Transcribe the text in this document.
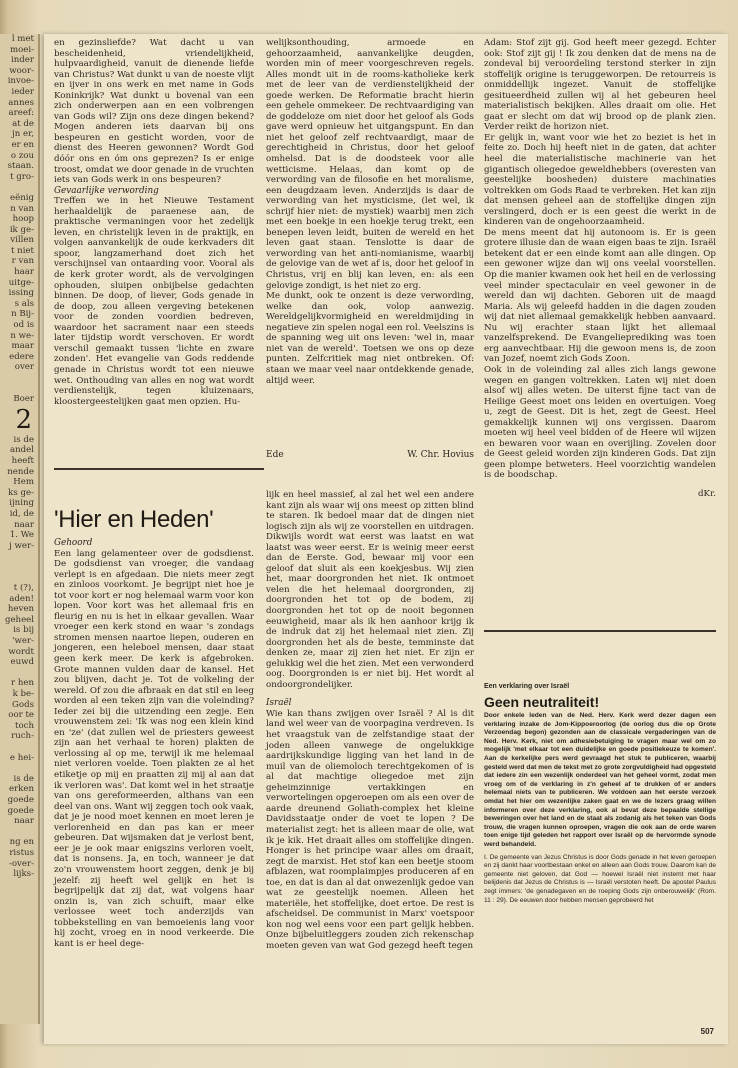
l met
moei-
inder
woor-
invoe-
ieder
annes
areef:
at de
jn er,
er en
o zou
staan.
t gro-

eënig
n van
hoop
ik ge-
villen
t niet
r van
haar
uitge-
issing
s als
n Bij-
od is
n we-
maar
edere
over

Boer
2
is de
andel
heeft
nende
Hem
ks ge-
ijning
id, de
naar
1. We
j wer-

t (?),
aden!
heven
geheel
is bij
'wer-
wordt
euwd

r hen
k be-
Gods
oor te
toch
ruch-

e hei-

is de
erken
goede
goede
naar

ng en
ristus
-over-
lijks-

en gezinsliefde? Wat dacht u van bescheidenheid, vriendelijkheid, hulpvaardigheid, vanuit de dienende liefde van Christus? Wat dunkt u van de noeste vlijt en ijver in ons werk en met name in Gods Koninkrijk? Wat dunkt u bovenal van een zich onderwerpen aan en een volbrengen van Gods wil? Zijn ons deze dingen bekend? Mogen anderen iets daarvan bij ons bespeuren en gesticht worden, voor de dienst des Heeren gewonnen? Wordt God dóór ons en óm ons geprezen? Is er enige troost, omdat we door genade in de vruchten iets van Gods werk in ons bespeuren?

Gevaarlijke verwording

Treffen we in het Nieuwe Testament herhaaldelijk de paraenese aan, de praktische vermaningen voor het zedelijk leven, en christelijk leven in de praktijk, en volgen aanvankelijk de oude kerkvaders dit spoor, langzamerhand doet zich het verschijnsel van ontaarding voor. Vooral als de kerk groter wordt, als de vervolgingen ophouden, sluipen onbijbelse gedachten binnen. De doop, of liever, Gods genade in de doop, zou alleen vergeving betekenen voor de zonden voordien bedreven, waardoor het sacrament naar een steeds later tijdstip wordt verschoven. Er wordt verschil gemaakt tussen 'lichte en zware zonden'. Het evangelie van Gods reddende genade in Christus wordt tot een nieuwe wet. Onthouding van alles en nog wat wordt verdienstelijk, tegen kluizenaars, kloostergeestelijken gaat men opzien. Hu-

welijksonthouding, armoede en gehoorzaamheid, aanvankelijke deugden, worden min of meer voorgeschreven regels. Alles mondt uit in de rooms-katholieke kerk met de leer van de verdienstelijkheid der goede werken. De Reformatie bracht hierin een gehele ommekeer. De rechtvaardiging van de goddeloze om niet door het geloof als Gods gave werd opnieuw het uitgangspunt. En dan niet het geloof zelf rechtvaardigt, maar de gerechtigheid in Christus, door het geloof omhelsd. Dat is de doodsteek voor alle wetticisme. Helaas, dan komt op de verwording van de filosofie en het moralisme, een deugdzaam leven. Anderzijds is daar de verwording van het mysticisme, (let wel, ik schrijf hier niet: de mystiek) waarbij men zich met een boekje in een hoekje terug trekt, een benepen leven leidt, buiten de wereld en het leven gaat staan. Tenslotte is daar de verwording van het anti-nomianisme, waarbij de gelovige van de wet af is, door het geloof in Christus, vrij en blij kan leven, en: als een gelovige zondigt, is het niet zo erg.

Me dunkt, ook te onzent is deze verwording, welke dan ook, volop aanwezig. Wereldgelijkvormigheid en wereldmijding in negatieve zin spelen nogal een rol. Veelszins is de spanning weg uit ons leven: 'wel in, maar niet van de wereld'. Toetsen we ons op deze punten. Zelfcritiek mag niet ontbreken. Of: staan we maar veel naar ontdekkende genade, altijd weer.

Ede	W. Chr. Hovius
'Hier en Heden'

Gehoord

Een lang gelamenteer over de godsdienst. De godsdienst van vroeger, die vandaag verlept is en afgedaan. Die niets meer zegt en zinloos voorkomt. Je begrijpt niet hoe je tot voor kort er nog helemaal warm voor kon lopen. Voor kort was het allemaal fris en fleurig en nu is het in elkaar gevallen. Waar vroeger een kerk stond en waar 's zondags stromen mensen naartoe liepen, ouderen en jongeren, een heleboel mensen, daar staat geen kerk meer. De kerk is afgebroken. Grote mannen vulden daar de kansel. Het zou blijven, dacht je. Tot de volkeling der wereld. Of zou die afbraak en dat stil en leeg worden al een teken zijn van die voleinding? Ieder zei bij die uitzending een zegje. Een vrouwenstem zei: 'Ik was nog een klein kind en 'ze' (dat zullen wel de priesters geweest zijn aan het verhaal te horen) plakten de verlossing al op me, terwijl ik me helemaal niet verloren voelde. Toen plakten ze al het etiketje op mij en praatten zij mij al aan dat ik verloren was'. Dat komt wel in het straatje van ons gereformeerden, althans van een deel van ons. Want wij zeggen toch ook vaak, dat je je nood moet kennen en moet leren je verlorenheid en dan pas kan er meer gebeuren. Dat wijsmaken dat je verlost bent, eer je je ook maar enigszins verloren voelt, dat is nonsens. Ja, en toch, wanneer je dat zo'n vrouwenstem hoort zeggen, denk je bij jezelf: zij heeft wel gelijk en het is begrijpelijk dat zij dat, wat volgens haar onzin is, van zich schuift, maar elke verlossee weet toch anderzijds van tobbekstelling en van bemoeienis lang voor hij zocht, vroeg en in nood verkeerde. Die kant is er heel dege-

lijk en heel massief, al zal het wel een andere kant zijn als waar wij ons meest op zitten blind te staren. Ik bedoel maar dat de dingen niet logisch zijn als wij ze voorstellen en uitdragen. Dikwijls wordt wat eerst was laatst en wat laatst was weer eerst. Er is weinig meer eerst dan de Eerste. God, bewaar mij voor een geloof dat sluit als een koekjesbus. Wij zien het, maar doorgronden het niet. Ik ontmoet velen die het helemaal doorgronden, zij doorgronden het tot op de bodem, zij doorgronden het tot op de nooit begonnen eeuwigheid, maar als ik hen aanhoor krijg ik de indruk dat zij het helemaal niet zien. Zij doorgronden het als de beste, temminste dat denken ze, maar zij zien het niet. Er zijn er gelukkig wel die het zien. Met een verwonderd oog. Doorgronden is er niet bij. Het wordt al ondoorgrondelijker.

Israël

Wie kan thans zwijgen over Israël ? Al is dit land wel weer van de voorpagina verdreven. Is het vraagstuk van de zelfstandige staat der joden alleen vanwege de ongelukkige aardrijkskundige ligging van het land in de muil van de oliemoloch terechtgekomen of is al dat machtige oliegedoe met zijn geheimzinnige vertakkingen en verwortelingen opgeroepen om als een over de aarde dreunend Goliath-complex het kleine Davidsstaatje onder de voet te lopen ? De materialist zegt: het is alleen maar de olie, wat ik je kik. Het draait alles om stoffelijke dingen. Honger is het principe waar alles om draait, zegt de marxist. Het stof kan een beetje stoom afblazen, wat roomplaimpjes produceren af en toe, en dat is dan al dat onwezenlijk gedoe van wat ze geestelijk noemen. Alleen het materiële, het stoffelijke, doet ertoe. De rest is afscheidsel. De communist in Marx' voetspoor kon nog wel eens voor een part gelijk hebben. Onze bijbeluitleggers zouden zich rekenschap moeten geven van wat God gezegd heeft tegen

Adam: Stof zijt gij. God heeft meer gezegd. Echter ook: Stof zijt gij ! Ik zou denken dat de mens na de zondeval bij veroordeling terstond sterker in zijn stoffelijk origine is teruggeworpen. De retourreis is onmiddellijk ingezet. Vanuit de stoffelijke gesitueerdheid zullen wij al het gebeuren heel materialistisch bekijken. Alles draait om olie. Het gaat er slecht om dat wij brood op de plank zien. Verder reikt de horizon niet.

Er gelijk in, want voor wie het zo beziet is het in feite zo. Doch hij heeft niet in de gaten, dat achter heel die materialistische machinerie van het gigantisch oliegedoe geweldhebbers (overesten van geestelijke boosheden) duistere machinaties voltrekken om Gods Raad te verbreken. Het kan zijn dat mensen geheel aan de stoffelijke dingen zijn verslingerd, doch er is een geest die werkt in de kinderen van de ongehoorzaamheid.

De mens meent dat hij autonoom is. Er is geen grotere illusie dan de waan eigen baas te zijn. Israël betekent dat er een einde komt aan alle dingen. Op een gewoner wijze dan wij ons veelal voorstellen. Op die manier kwamen ook het heil en de verlossing veel minder spectaculair en veel gewoner in de wereld dan wij dachten. Geboren uit de maagd Maria. Als wij geleefd hadden in die dagen zouden wij dat niet allemaal gemakkelijk hebben aanvaard. Nu wij erachter staan lijkt het allemaal vanzelfsprekend. De Evangelieprediking was toen erg aanvechtbaar. Hij die gewoon mens is, de zoon van Jozef, noemt zich Gods Zoon.

Ook in de voleinding zal alles zich langs gewone wegen en gangen voltrekken. Laten wij niet doen alsof wij alles weten. De uiterst fijne tact van de Heilige Geest moet ons leiden en overtuigen. Voeg u, zegt de Geest. Dit is het, zegt de Geest. Heel gemakkelijk kunnen wij ons vergissen. Daarom moeten wij heel veel bidden of de Heere wil wijzen en bewaren voor waan en overijling. Zovelen door de Geest geleid worden zijn kinderen Gods. Dat zijn geen plompe betweters. Heel voorzichtig wandelen is de boodschap.

dKr.

Een verklaring over Israël
Geen neutraliteit!
Door enkele leden van de Ned. Herv. Kerk werd dezer dagen een verklaring inzake de Jom-Kippoeroorlog (de oorlog dus die op Grote Verzoendag begon) gezonden aan de classicale vergaderingen van de Ned. Herv. Kerk, niet om adhesiebetuiging te vragen maar wel om zo mogelijk 'met elkaar tot een duidelijke en goede positiekeuze te komen'. Aan de kerkelijke pers werd gevraagd het stuk te publiceren, waarbij gesteld werd dat men de tekst met zo grote zorgvuldigheid had opgesteld dat iedere zin een wezenlijk onderdeel van het geheel vormt, zodat men vroeg om of de verklaring in z'n geheel af te drukken of er anders helemaal niets van te publiceren. We voldoen aan het eerste verzoek omdat het hier om wezenlijke zaken gaat en we de lezers graag willen informeren over deze verklaring, ook al bevat deze bepaalde stellige beweringen over het land en de staat als zodanig als het teken van Gods trouw, die vragen kunnen oproepen, vragen die ook aan de orde waren toen enige tijd geleden het rapport over Israël op de hervormde synode werd behandeld.
I. De gemeente van Jezus Christus is door Gods genade in het leven geroepen en zij dankt haar voortbestaan enkel en alleen aan Gods trouw. Daarom kan de gemeente niet geloven, dat God — hoewel Israël niet instemt met haar belijdenis dat Jezus de Christus is — Israël verstoten heeft. De apostel Paulus zegt immers: 'de genadegaven en de roeping Gods zijn onberouwelijk' (Rom. 11 : 29). De eeuwen door hebben mensen geprobeerd het
507
